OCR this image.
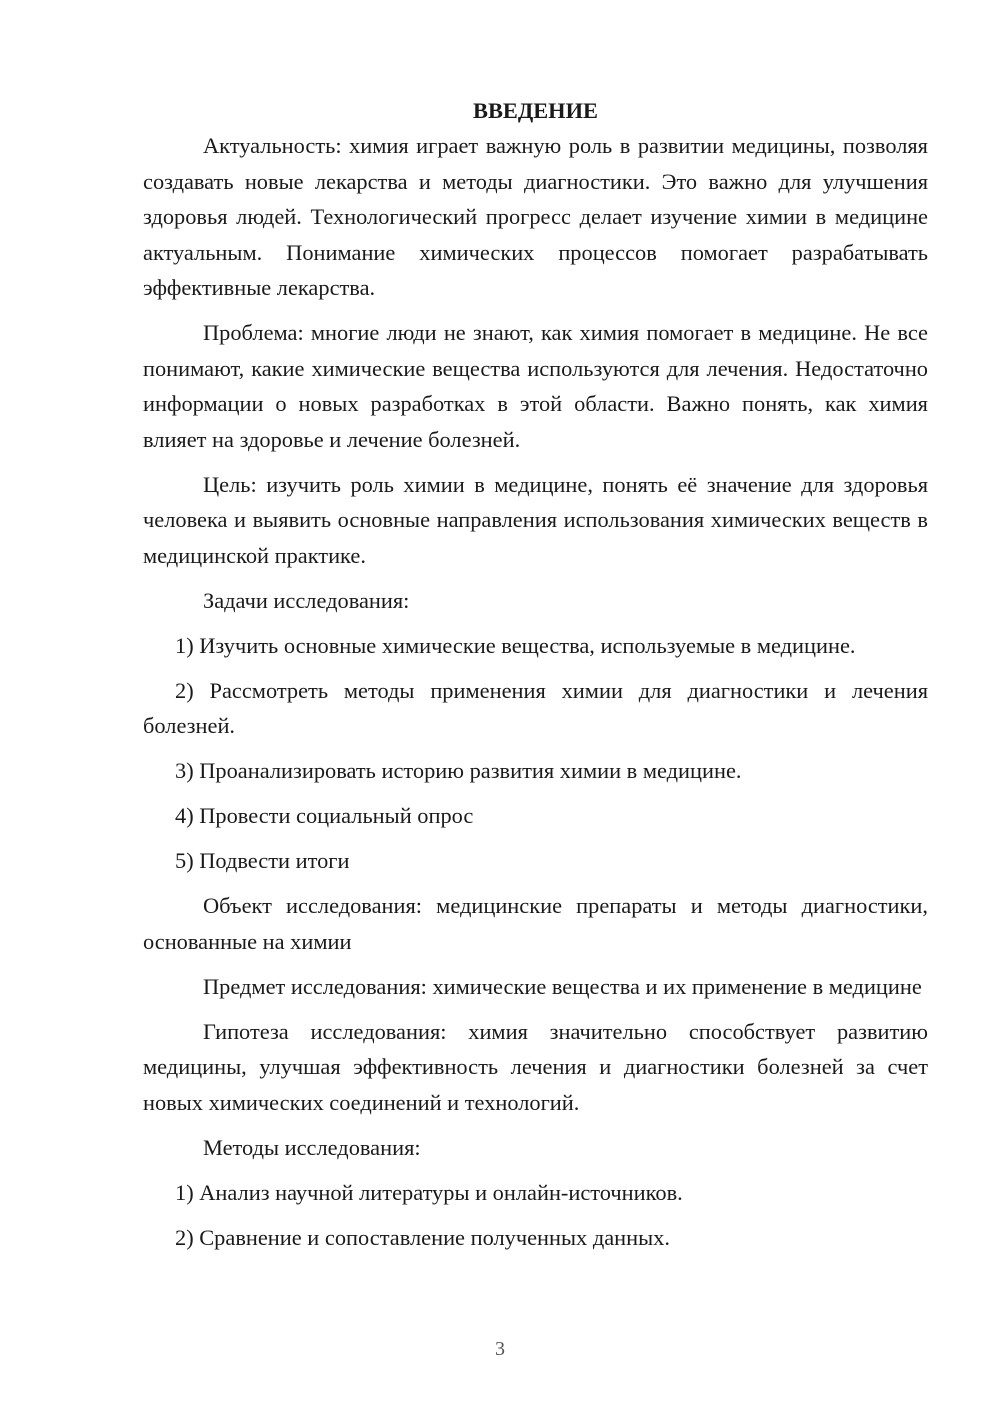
ВВЕДЕНИЕ

Актуальность: химия играет важную роль в развитии медицины, позволяя создавать новые лекарства и методы диагностики. Это важно для улучшения здоровья людей. Технологический прогресс делает изучение химии в медицине актуальным. Понимание химических процессов помогает разрабатывать эффективные лекарства.

Проблема: многие люди не знают, как химия помогает в медицине. Не все понимают, какие химические вещества используются для лечения. Недостаточно информации о новых разработках в этой области. Важно понять, как химия влияет на здоровье и лечение болезней.

Цель: изучить роль химии в медицине, понять её значение для здоровья человека и выявить основные направления использования химических веществ в медицинской практике.

Задачи исследования:

1) Изучить основные химические вещества, используемые в медицине.

2) Рассмотреть методы применения химии для диагностики и лечения болезней.

3) Проанализировать историю развития химии в медицине.

4) Провести социальный опрос

5) Подвести итоги

Объект исследования: медицинские препараты и методы диагностики, основанные на химии

Предмет исследования: химические вещества и их применение в медицине

Гипотеза исследования: химия значительно способствует развитию медицины, улучшая эффективность лечения и диагностики болезней за счет новых химических соединений и технологий.

Методы исследования:

1) Анализ научной литературы и онлайн-источников.

2) Сравнение и сопоставление полученных данных.

3
